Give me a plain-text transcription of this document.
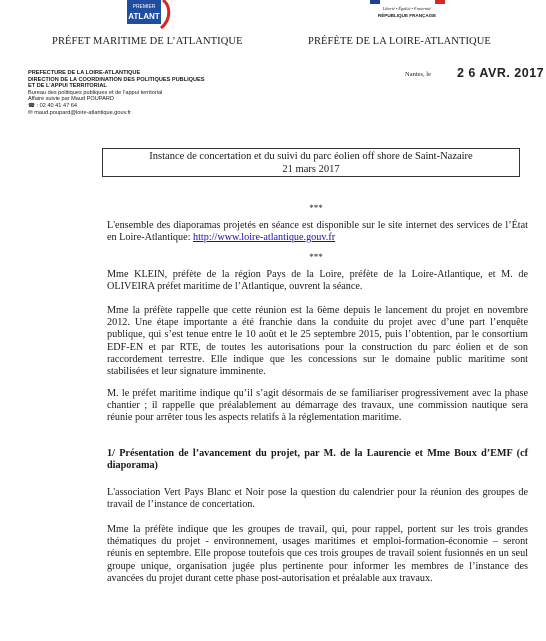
PREMIER
ATLANT
Liberté • Égalité • Fraternité
RÉPUBLIQUE FRANÇAISE
PRÉFET MARITIME DE L’ATLANTIQUE	PRÉFÈTE DE LA LOIRE-ATLANTIQUE
PREFECTURE DE LA LOIRE-ATLANTIQUE
DIRECTION DE LA COORDINATION DES POLITIQUES PUBLIQUES
ET DE L’APPUI TERRITORIAL
Bureau des politiques publiques et de l’appui territorial
Affaire suivie par Maud POUPARD
☎ : 02 40 41 47 64
✉ maud.poupard@loire-atlantique.gouv.fr
Nantes, le 2 6 AVR. 2017
Instance de concertation et du suivi du parc éolien off shore de Saint-Nazaire
21 mars 2017
***
L'ensemble des diaporamas projetés en séance est disponible sur le site internet des services de l’État en Loire-Atlantique: http://www.loire-atlantique.gouv.fr
***
Mme KLEIN, préfète de la région Pays de la Loire, préfète de la Loire-Atlantique, et M. de OLIVEIRA préfet maritime de l’Atlantique, ouvrent la séance.
Mme la préfète rappelle que cette réunion est la 6ème depuis le lancement du projet en novembre 2012. Une étape importante a été franchie dans la conduite du projet avec d’une part l’enquête publique, qui s’est tenue entre le 10 août et le 25 septembre 2015, puis l’obtention, par le consortium EDF-EN et par RTE, de toutes les autorisations pour la construction du parc éolien et de son raccordement terrestre. Elle indique que les concessions sur le domaine public maritime sont stabilisées et leur signature imminente.
M. le préfet maritime indique qu’il s’agit désormais de se familiariser progressivement avec la phase chantier ; il rappelle que préalablement au démarrage des travaux, une commission nautique sera réunie pour arrêter tous les aspects relatifs à la réglementation maritime.
1/ Présentation de l’avancement du projet, par M. de la Laurencie et Mme Boux d’EMF (cf diaporama)
L'association Vert Pays Blanc et Noir pose la question du calendrier pour la réunion des groupes de travail de l’instance de concertation.
Mme la préfète indique que les groupes de travail, qui, pour rappel, portent sur les trois grandes thématiques du projet - environnement, usages maritimes et emploi-formation-économie – seront réunis en septembre. Elle propose toutefois que ces trois groupes de travail soient fusionnés en un seul groupe unique, organisation jugée plus pertinente pour informer les membres de l’instance des avancées du projet durant cette phase post-autorisation et préalable aux travaux.
